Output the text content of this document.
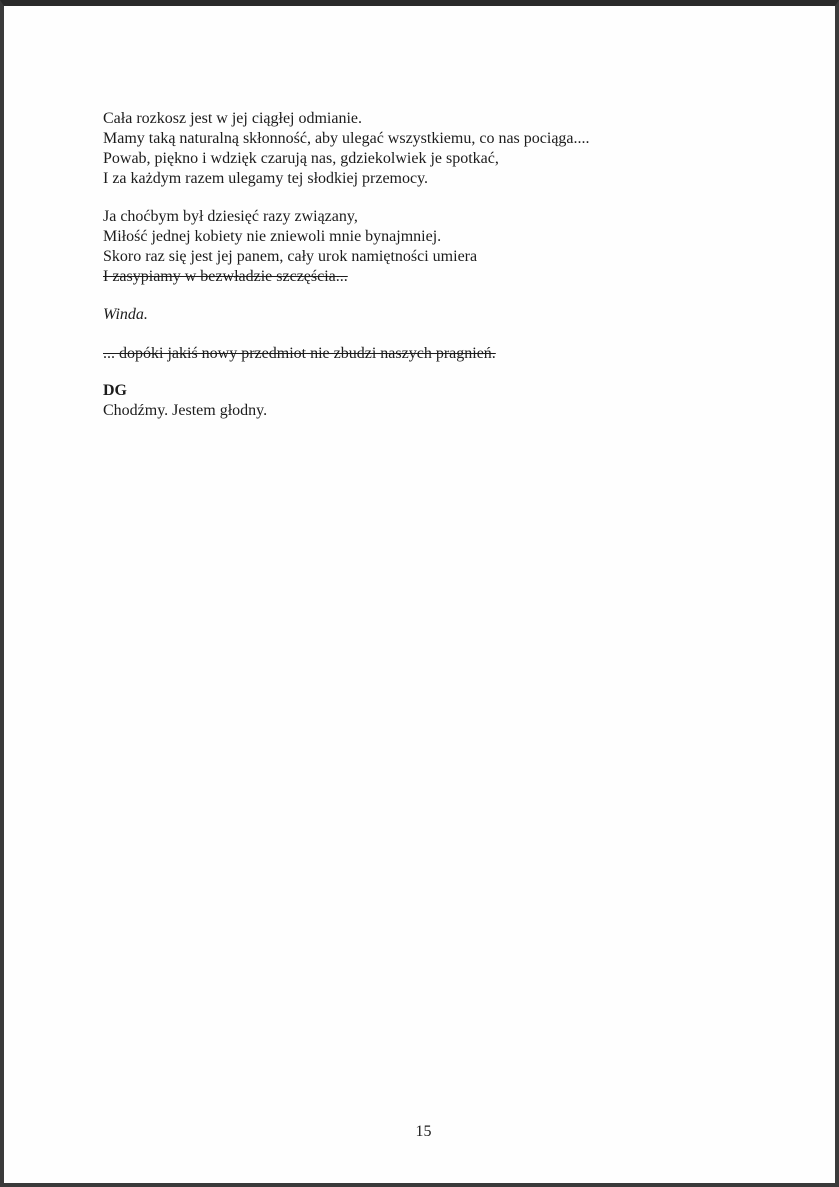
Cała rozkosz jest w jej ciągłej odmianie.
Mamy taką naturalną skłonność, aby ulegać wszystkiemu, co nas pociąga....
Powab, piękno i wdzięk czarują nas, gdziekolwiek je spotkać,
I za każdym razem ulegamy tej słodkiej przemocy.
Ja choćbym był dziesięć razy związany,
Miłość jednej kobiety nie zniewoli mnie bynajmniej.
Skoro raz się jest jej panem, cały urok namiętności umiera
I zasypiamy w bezwładzie szczęścia...
Winda.
... dopóki jakiś nowy przedmiot nie zbudzi naszych pragnień.
DG
Chodźmy. Jestem głodny.
15
